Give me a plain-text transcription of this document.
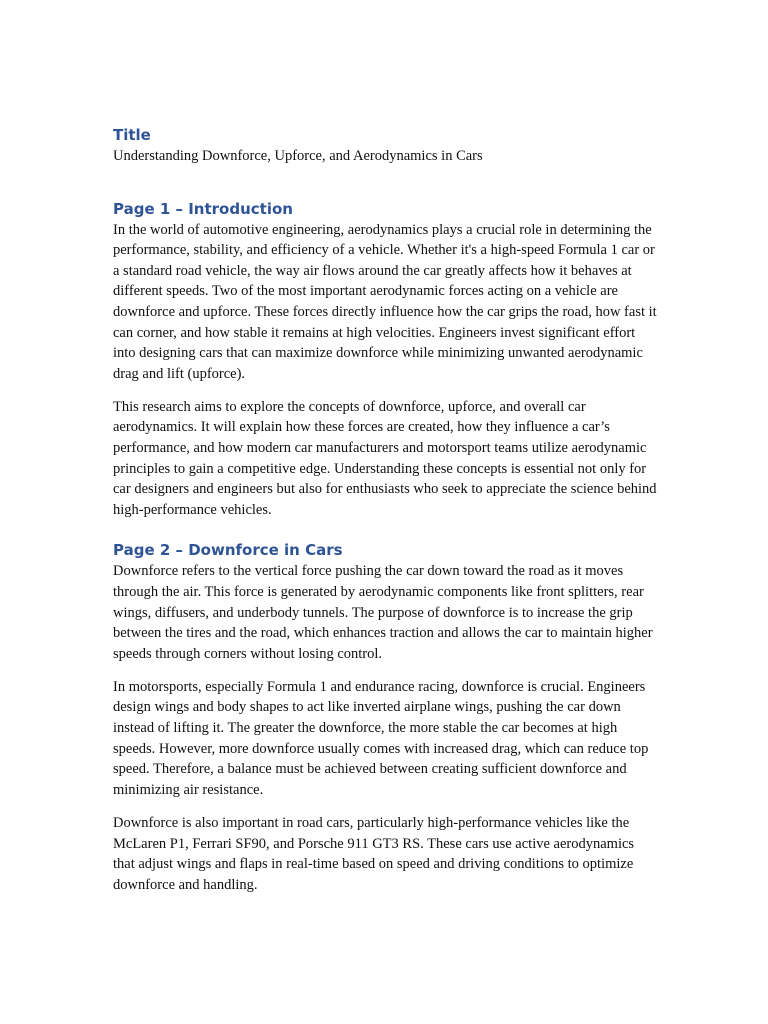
Title

Understanding Downforce, Upforce, and Aerodynamics in Cars

Page 1 – Introduction

In the world of automotive engineering, aerodynamics plays a crucial role in determining the performance, stability, and efficiency of a vehicle. Whether it's a high-speed Formula 1 car or a standard road vehicle, the way air flows around the car greatly affects how it behaves at different speeds. Two of the most important aerodynamic forces acting on a vehicle are downforce and upforce. These forces directly influence how the car grips the road, how fast it can corner, and how stable it remains at high velocities. Engineers invest significant effort into designing cars that can maximize downforce while minimizing unwanted aerodynamic drag and lift (upforce).

This research aims to explore the concepts of downforce, upforce, and overall car aerodynamics. It will explain how these forces are created, how they influence a car’s performance, and how modern car manufacturers and motorsport teams utilize aerodynamic principles to gain a competitive edge. Understanding these concepts is essential not only for car designers and engineers but also for enthusiasts who seek to appreciate the science behind high-performance vehicles.

Page 2 – Downforce in Cars

Downforce refers to the vertical force pushing the car down toward the road as it moves through the air. This force is generated by aerodynamic components like front splitters, rear wings, diffusers, and underbody tunnels. The purpose of downforce is to increase the grip between the tires and the road, which enhances traction and allows the car to maintain higher speeds through corners without losing control.

In motorsports, especially Formula 1 and endurance racing, downforce is crucial. Engineers design wings and body shapes to act like inverted airplane wings, pushing the car down instead of lifting it. The greater the downforce, the more stable the car becomes at high speeds. However, more downforce usually comes with increased drag, which can reduce top speed. Therefore, a balance must be achieved between creating sufficient downforce and minimizing air resistance.

Downforce is also important in road cars, particularly high-performance vehicles like the McLaren P1, Ferrari SF90, and Porsche 911 GT3 RS. These cars use active aerodynamics that adjust wings and flaps in real-time based on speed and driving conditions to optimize downforce and handling.
